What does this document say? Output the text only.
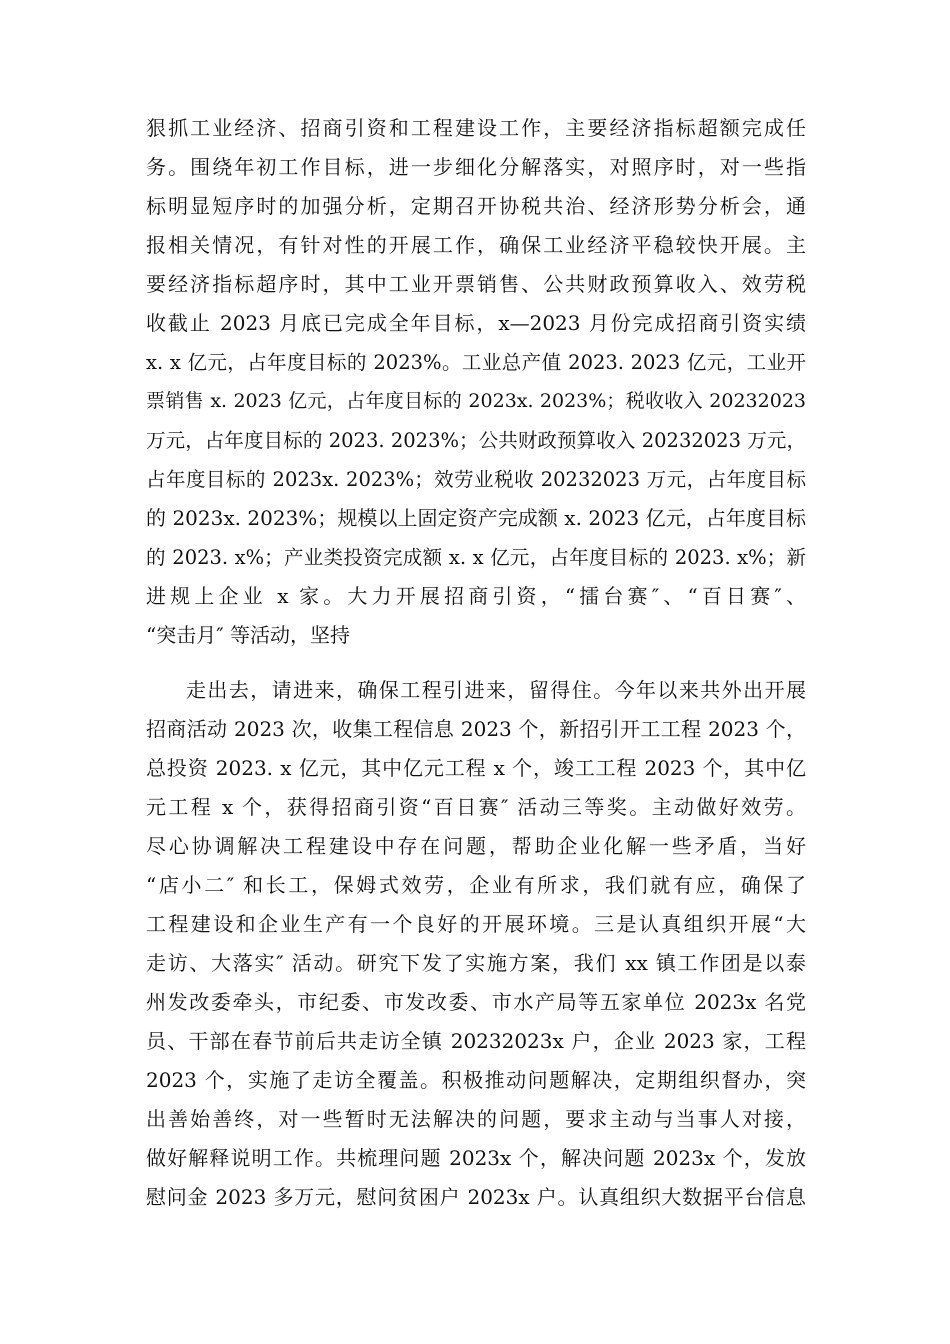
狠抓工业经济、招商引资和工程建设工作，主要经济指标超额完成任
务。围绕年初工作目标，进一步细化分解落实，对照序时，对一些指
标明显短序时的加强分析，定期召开协税共治、经济形势分析会，通
报相关情况，有针对性的开展工作，确保工业经济平稳较快开展。主
要经济指标超序时，其中工业开票销售、公共财政预算收入、效劳税
收截止 2023 月底已完成全年目标，x—2023 月份完成招商引资实绩
x. x 亿元，占年度目标的 2023%。工业总产值 2023. 2023 亿元，工业开
票销售 x. 2023 亿元，占年度目标的 2023x. 2023%；税收收入 20232023
万元，占年度目标的 2023. 2023%；公共财政预算收入 20232023 万元，
占年度目标的 2023x. 2023%；效劳业税收 20232023 万元，占年度目标
的 2023x. 2023%；规模以上固定资产完成额 x. 2023 亿元，占年度目标
的 2023. x%；产业类投资完成额 x. x 亿元，占年度目标的 2023. x%；新
进规上企业 x 家。大力开展招商引资，“擂台赛″、“百日赛″、
“突击月″ 等活动，坚持
走出去，请进来，确保工程引进来，留得住。今年以来共外出开展
招商活动 2023 次，收集工程信息 2023 个，新招引开工工程 2023 个，
总投资 2023. x 亿元，其中亿元工程 x 个，竣工工程 2023 个，其中亿
元工程 x 个，获得招商引资“百日赛″ 活动三等奖。主动做好效劳。
尽心协调解决工程建设中存在问题，帮助企业化解一些矛盾，当好
“店小二″ 和长工，保姆式效劳，企业有所求，我们就有应，确保了
工程建设和企业生产有一个良好的开展环境。三是认真组织开展“大
走访、大落实″ 活动。研究下发了实施方案，我们 xx 镇工作团是以泰
州发改委牵头，市纪委、市发改委、市水产局等五家单位 2023x 名党
员、干部在春节前后共走访全镇 20232023x 户，企业 2023 家，工程
2023 个，实施了走访全覆盖。积极推动问题解决，定期组织督办，突
出善始善终，对一些暂时无法解决的问题，要求主动与当事人对接，
做好解释说明工作。共梳理问题 2023x 个，解决问题 2023x 个，发放
慰问金 2023 多万元，慰问贫困户 2023x 户。认真组织大数据平台信息
